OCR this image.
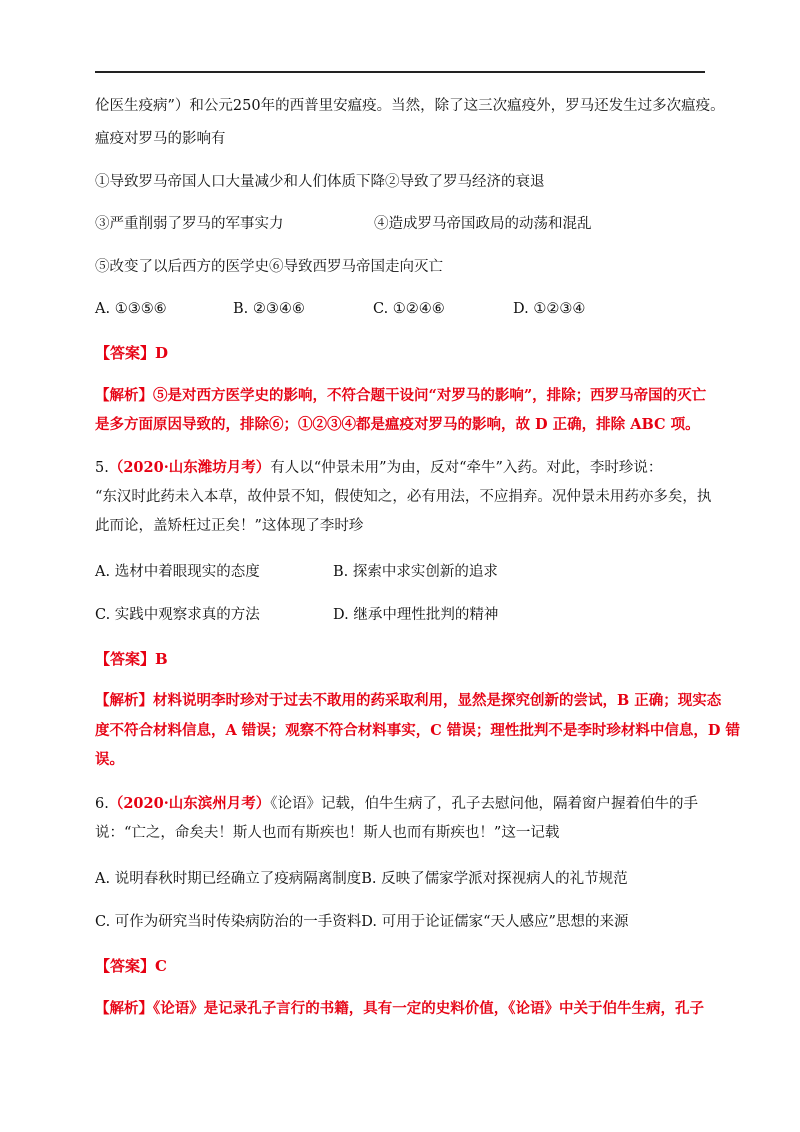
伦医生疫病”）和公元250年的西普里安瘟疫。当然，除了这三次瘟疫外，罗马还发生过多次瘟疫。
瘟疫对罗马的影响有
①导致罗马帝国人口大量减少和人们体质下降②导致了罗马经济的衰退
③严重削弱了罗马的军事实力	④造成罗马帝国政局的动荡和混乱
⑤改变了以后西方的医学史⑥导致西罗马帝国走向灭亡
A. ①③⑤⑥	B. ②③④⑥	C. ①②④⑥	D. ①②③④
【答案】D
【解析】⑤是对西方医学史的影响，不符合题干设问“对罗马的影响”，排除；西罗马帝国的灭亡
是多方面原因导致的，排除⑥；①②③④都是瘟疫对罗马的影响，故 D 正确，排除 ABC 项。
5.（2020·山东潍坊月考）有人以“仲景未用”为由，反对“牵牛”入药。对此，李时珍说：
“东汉时此药未入本草，故仲景不知，假使知之，必有用法，不应捐弃。况仲景未用药亦多矣，执
此而论，盖矫枉过正矣！”这体现了李时珍
A. 选材中着眼现实的态度	B. 探索中求实创新的追求
C. 实践中观察求真的方法	D. 继承中理性批判的精神
【答案】B
【解析】材料说明李时珍对于过去不敢用的药采取利用，显然是探究创新的尝试，B 正确；现实态
度不符合材料信息，A 错误；观察不符合材料事实，C 错误；理性批判不是李时珍材料中信息，D 错
误。
6.（2020·山东滨州月考）《论语》记载，伯牛生病了，孔子去慰问他，隔着窗户握着伯牛的手
说：“亡之，命矣夫！斯人也而有斯疾也！斯人也而有斯疾也！”这一记载
A. 说明春秋时期已经确立了疫病隔离制度B. 反映了儒家学派对探视病人的礼节规范
C. 可作为研究当时传染病防治的一手资料D. 可用于论证儒家“天人感应”思想的来源
【答案】C
【解析】《论语》是记录孔子言行的书籍，具有一定的史料价值，《论语》中关于伯牛生病，孔子
